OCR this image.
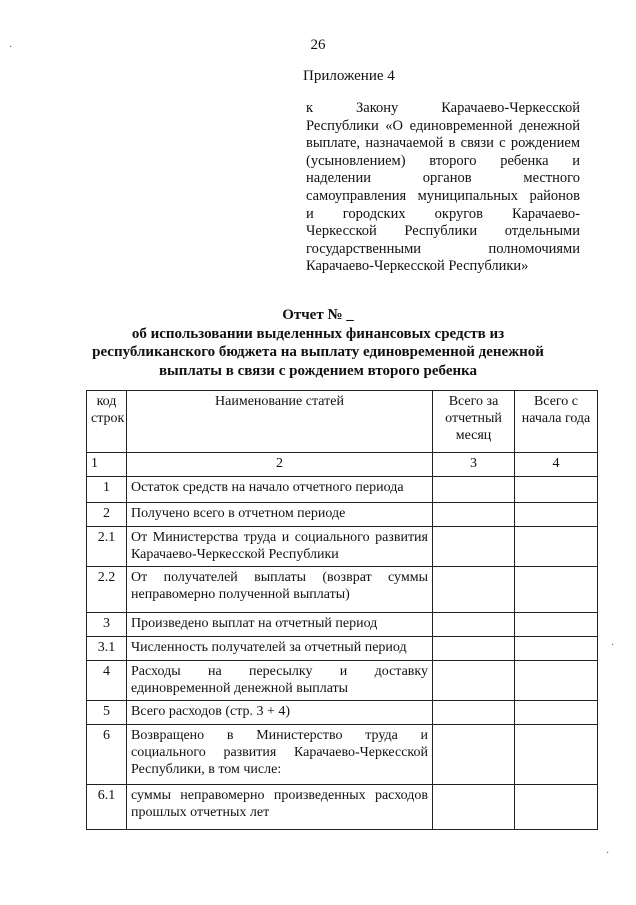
26
Приложение 4
к Закону Карачаево-Черкесской
Республики «О единовременной денежной
выплате, назначаемой в связи с рождением
(усыновлением) второго ребенка и
наделении органов местного
самоуправления муниципальных районов
и городских округов Карачаево-
Черкесской Республики отдельными
государственными полномочиями
Карачаево-Черкесской Республики»
Отчет № _
об использовании выделенных финансовых средств из
республиканского бюджета на выплату единовременной денежной
выплаты в связи с рождением второго ребенка
код строк	Наименование статей	Всего за отчетный месяц	Всего с начала года
1	2	3	4
1	Остаток средств на начало отчетного периода		
2	Получено всего в отчетном периоде		
2.1	От Министерства труда и социального развития Карачаево-Черкесской Республики		
2.2	От получателей выплаты (возврат суммы неправомерно полученной выплаты)		
3	Произведено выплат на отчетный период		
3.1	Численность получателей за отчетный период		
4	Расходы на пересылку и доставку единовременной денежной выплаты		
5	Всего расходов (стр. 3 + 4)		
6	Возвращено в Министерство труда и социального развития Карачаево-Черкесской Республики, в том числе:		
6.1	суммы неправомерно произведенных расходов прошлых отчетных лет		
·
·
·
